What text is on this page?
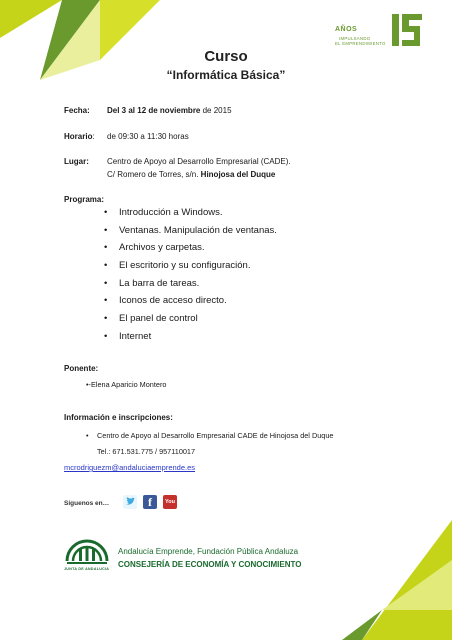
AÑOS
IMPULSANDO
EL EMPRENDIMIENTO
Curso
“Informática Básica”
Fecha: Del 3 al 12 de noviembre de 2015
Horario: de 09:30 a 11:30 horas
Lugar: Centro de Apoyo al Desarrollo Empresarial (CADE).
C/ Romero de Torres, s/n. Hinojosa del Duque
Programa:
• Introducción a Windows.
• Ventanas. Manipulación de ventanas.
• Archivos y carpetas.
• El escritorio y su configuración.
• La barra de tareas.
• Iconos de acceso directo.
• El panel de control
• Internet
Ponente:
•-Elena Aparicio Montero
Información e inscripciones:
• Centro de Apoyo al Desarrollo Empresarial CADE de Hinojosa del Duque
Tel.: 671.531.775 / 957110017
mcrodriguezm@andaluciaemprende.es
Síguenos en…	f	You
JUNTA DE ANDALUCIA
Andalucía Emprende, Fundación Pública Andaluza
CONSEJERÍA DE ECONOMÍA Y CONOCIMIENTO
